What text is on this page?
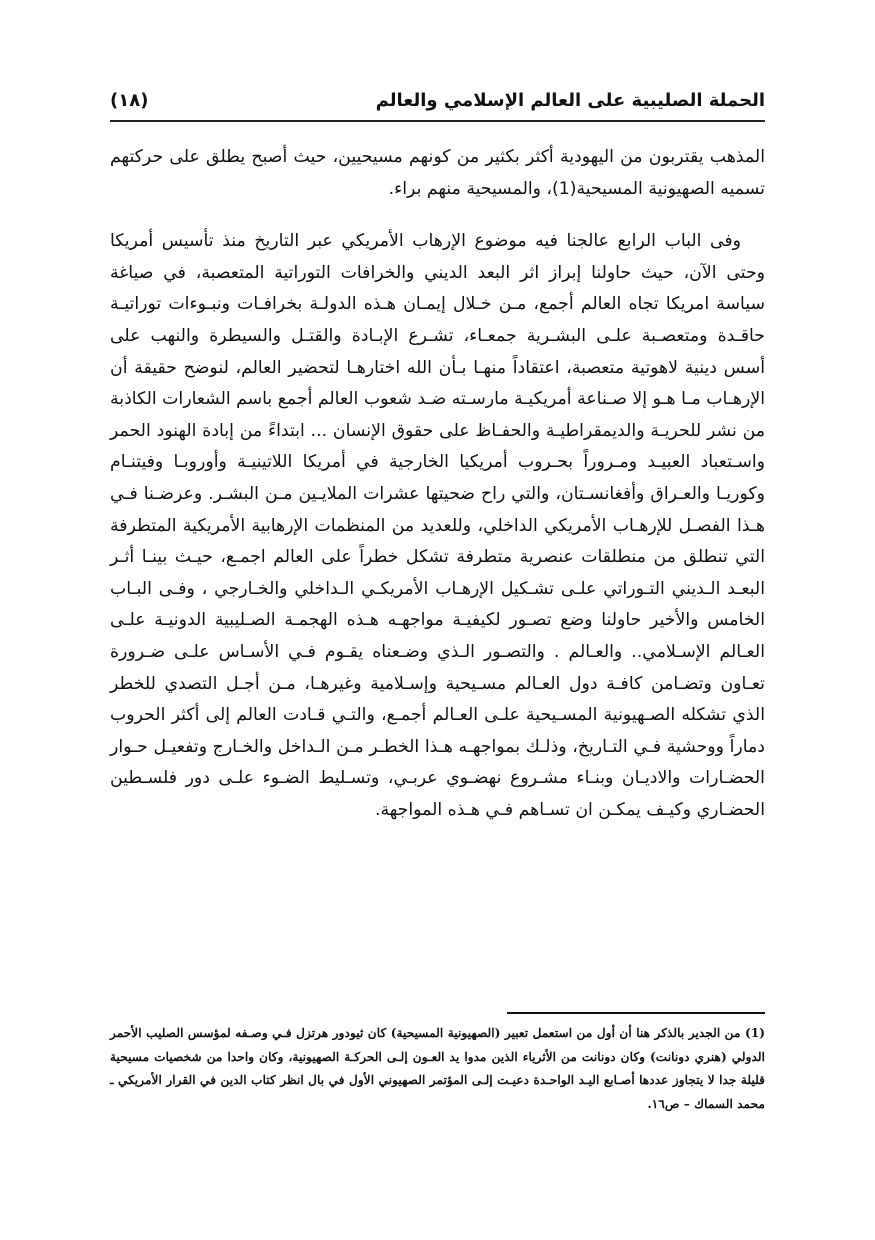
الحملة الصليبية على العالم الإسلامي والعالم
(١٨)

المذهب يقتربون من اليهودية أكثر بكثير من كونهم مسيحيين، حيث أصبح يطلق على حركتهم تسميه الصهيونية المسيحية(1)، والمسيحية منهم براء.

وفى الباب الرابع عالجنا فيه موضوع الإرهاب الأمريكي عبر التاريخ منذ تأسيس أمريكا وحتى الآن، حيث حاولنا إبراز اثر البعد الديني والخرافات التوراتية المتعصبة، في صياغة سياسة امريكا تجاه العالم أجمع، مـن خـلال إيمـان هـذه الدولـة بخرافـات ونبـوءات توراتيـة حاقـدة ومتعصـبة علـى البشـرية جمعـاء، تشـرع الإبـادة والقتـل والسيطرة والنهب على أسس دينية لاهوتية متعصبة، اعتقاداً منهـا بـأن الله اختارهـا لتحضير العالم، لنوضح حقيقة أن الإرهـاب مـا هـو إلا صـناعة أمريكيـة مارسـته ضـد شعوب العالم أجمع باسم الشعارات الكاذبة من نشر للحريـة والديمقراطيـة والحفـاظ على حقوق الإنسان ... ابتداءً من إبادة الهنود الحمر واسـتعباد العبيـد ومـروراً بحـروب أمريكيا الخارجية في أمريكا اللاتينيـة وأوروبـا وفيتنـام وكوريـا والعـراق وأفغانسـتان، والتي راح ضحيتها عشرات الملايـين مـن البشـر. وعرضـنا فـي هـذا الفصـل للإرهـاب الأمريكي الداخلي، وللعديد من المنظمات الإرهابية الأمريكية المتطرفة التي تنطلق من منطلقات عنصرية متطرفة تشكل خطراً على العالم اجمـع، حيـث بينـا أثـر البعـد الـديني التـوراتي علـى تشـكيل الإرهـاب الأمريكـي الـداخلي والخـارجي ، وفـى البـاب الخامس والأخير حاولنا وضع تصـور لكيفيـة مواجهـه هـذه الهجمـة الصـليبية الدونيـة علـى العـالم الإسـلامي.. والعـالم . والتصـور الـذي وضـعناه يقـوم فـي الأسـاس علـى ضـرورة تعـاون وتضـامن كافـة دول العـالم مسـيحية وإسـلامية وغيرهـا، مـن أجـل التصدي للخطر الذي تشكله الصـهيونية المسـيحية علـى العـالم أجمـع، والتـي قـادت العالم إلى أكثر الحروب دماراً ووحشية فـي التـاريخ، وذلـك بمواجهـه هـذا الخطـر مـن الـداخل والخـارج وتفعيـل حـوار الحضـارات والاديـان وبنـاء مشـروع نهضـوي عربـي، وتسـليط الضـوء علـى دور فلسـطين الحضـاري وكيـف يمكـن ان تسـاهم فـي هـذه المواجهة.

(1) من الجدير بالذكر هنا أن أول من استعمل تعبير (الصهيونية المسيحية) كان ثيودور هرتزل فـي وصـفه لمؤسس الصليب الأحمر الدولي (هنري دونانت) وكان دونانت من الأثرياء الذين مدوا يد العـون إلـى الحركـة الصهيونية، وكان واحدا من شخصيات مسيحية قليلة جدا لا يتجاوز عددها أصـابع اليـد الواحـدة دعيـت إلـى المؤتمر الصهيوني الأول في بال انظر كتاب الدين في القرار الأمريكي ـ محمد السماك – ص١٦.
